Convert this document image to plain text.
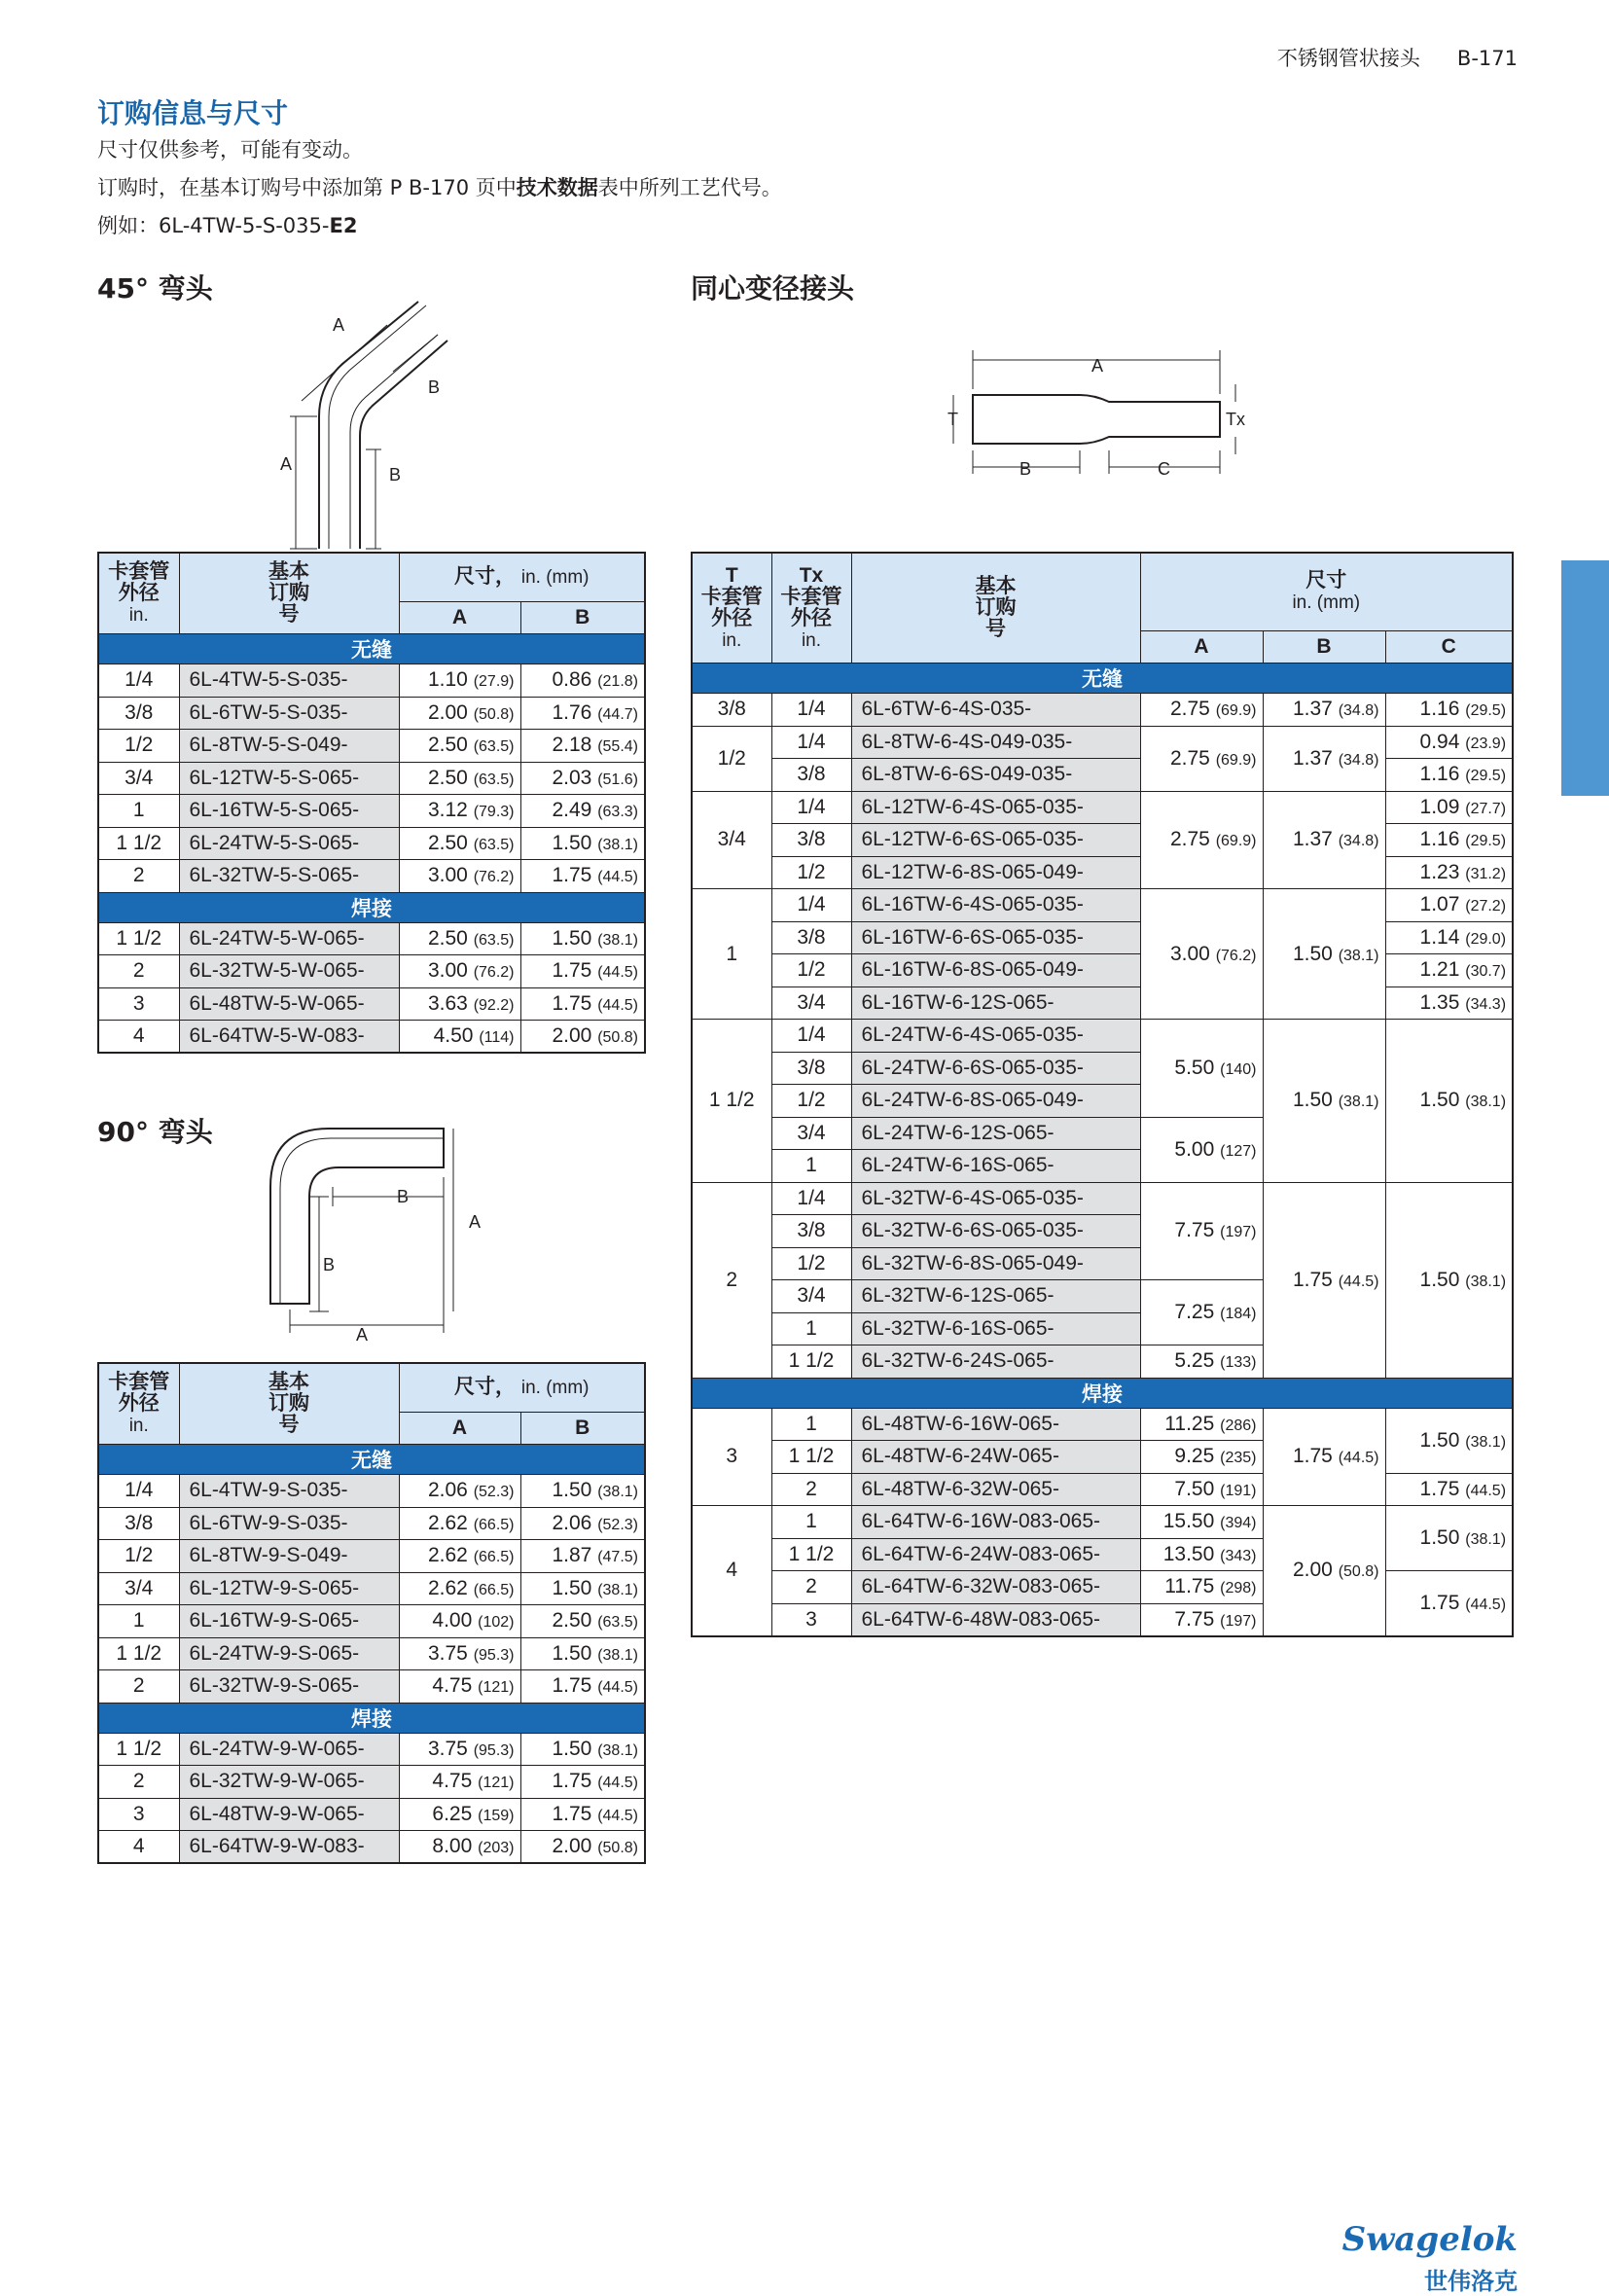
不锈钢管状接头 B-171
订购信息与尺寸
尺寸仅供参考，可能有变动。
订购时，在基本订购号中添加第 P B-170 页中技术数据表中所列工艺代号。
例如：6L-4TW-5-S-035-E2
45° 弯头	同心变径接头
90° 弯头
A
A
B
B
A
T
B	C
Tx
A
A
B
B
卡套管
外径
in.	基本
订购
号	尺寸， in. (mm)	
		A	B
无缝			
1/4	6L-4TW-5-S-035-	1.10 (27.9)	0.86 (21.8)
3/8	6L-6TW-5-S-035-	2.00 (50.8)	1.76 (44.7)
1/2	6L-8TW-5-S-049-	2.50 (63.5)	2.18 (55.4)
3/4	6L-12TW-5-S-065-	2.50 (63.5)	2.03 (51.6)
1	6L-16TW-5-S-065-	3.12 (79.3)	2.49 (63.3)
1 1/2	6L-24TW-5-S-065-	2.50 (63.5)	1.50 (38.1)
2	6L-32TW-5-S-065-	3.00 (76.2)	1.75 (44.5)
焊接			
1 1/2	6L-24TW-5-W-065-	2.50 (63.5)	1.50 (38.1)
2	6L-32TW-5-W-065-	3.00 (76.2)	1.75 (44.5)
3	6L-48TW-5-W-065-	3.63 (92.2)	1.75 (44.5)
4	6L-64TW-5-W-083-	4.50 (114)	2.00 (50.8)
卡套管
外径
in.	基本
订购
号	尺寸， in. (mm)	
		A	B
无缝			
1/4	6L-4TW-9-S-035-	2.06 (52.3)	1.50 (38.1)
3/8	6L-6TW-9-S-035-	2.62 (66.5)	2.06 (52.3)
1/2	6L-8TW-9-S-049-	2.62 (66.5)	1.87 (47.5)
3/4	6L-12TW-9-S-065-	2.62 (66.5)	1.50 (38.1)
1	6L-16TW-9-S-065-	4.00 (102)	2.50 (63.5)
1 1/2	6L-24TW-9-S-065-	3.75 (95.3)	1.50 (38.1)
2	6L-32TW-9-S-065-	4.75 (121)	1.75 (44.5)
焊接			
1 1/2	6L-24TW-9-W-065-	3.75 (95.3)	1.50 (38.1)
2	6L-32TW-9-W-065-	4.75 (121)	1.75 (44.5)
3	6L-48TW-9-W-065-	6.25 (159)	1.75 (44.5)
4	6L-64TW-9-W-083-	8.00 (203)	2.00 (50.8)
T
卡套管
外径
in.	Tx
卡套管
外径
in.	基本
订购
号	尺寸
in. (mm)		
			A	B	C
无缝					
3/8	1/4	6L-6TW-6-4S-035-	2.75 (69.9)	1.37 (34.8)	1.16 (29.5)
1/2	1/4	6L-8TW-6-4S-049-035-	2.75 (69.9)	1.37 (34.8)	0.94 (23.9)
	3/8	6L-8TW-6-6S-049-035-			1.16 (29.5)
3/4	1/4	6L-12TW-6-4S-065-035-	2.75 (69.9)	1.37 (34.8)	1.09 (27.7)
	3/8	6L-12TW-6-6S-065-035-			1.16 (29.5)
	1/2	6L-12TW-6-8S-065-049-			1.23 (31.2)
1	1/4	6L-16TW-6-4S-065-035-	3.00 (76.2)	1.50 (38.1)	1.07 (27.2)
	3/8	6L-16TW-6-6S-065-035-			1.14 (29.0)
	1/2	6L-16TW-6-8S-065-049-			1.21 (30.7)
	3/4	6L-16TW-6-12S-065-			1.35 (34.3)
1 1/2	1/4	6L-24TW-6-4S-065-035-	5.50 (140)	1.50 (38.1)	1.50 (38.1)
	3/8	6L-24TW-6-6S-065-035-			
	1/2	6L-24TW-6-8S-065-049-			
	3/4	6L-24TW-6-12S-065-	5.00 (127)		
	1	6L-24TW-6-16S-065-			
2	1/4	6L-32TW-6-4S-065-035-	7.75 (197)	1.75 (44.5)	1.50 (38.1)
	3/8	6L-32TW-6-6S-065-035-			
	1/2	6L-32TW-6-8S-065-049-			
	3/4	6L-32TW-6-12S-065-	7.25 (184)		
	1	6L-32TW-6-16S-065-			
	1 1/2	6L-32TW-6-24S-065-	5.25 (133)		
焊接					
3	1	6L-48TW-6-16W-065-	11.25 (286)	1.75 (44.5)	1.50 (38.1)
	1 1/2	6L-48TW-6-24W-065-	9.25 (235)		
	2	6L-48TW-6-32W-065-	7.50 (191)		1.75 (44.5)
4	1	6L-64TW-6-16W-083-065-	15.50 (394)	2.00 (50.8)	1.50 (38.1)
	1 1/2	6L-64TW-6-24W-083-065-	13.50 (343)		
	2	6L-64TW-6-32W-083-065-	11.75 (298)		1.75 (44.5)
	3	6L-64TW-6-48W-083-065-	7.75 (197)		
Swagelok
世伟洛克
